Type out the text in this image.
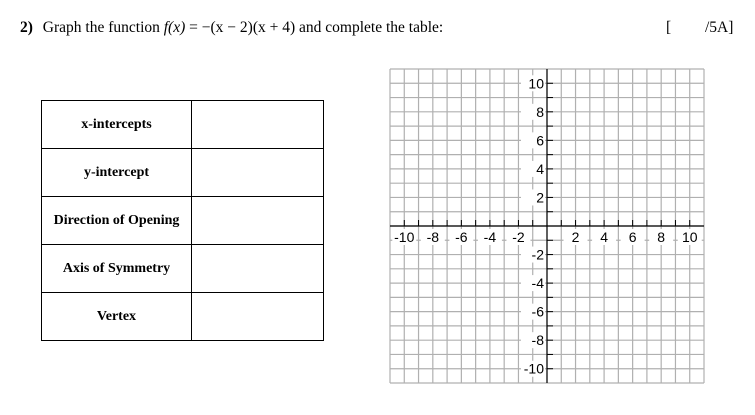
2) Graph the function f(x) = −(x − 2)(x + 4) and complete the table:	[ /5A]
x-intercepts	
y-intercept	
Direction of Opening	
Axis of Symmetry	
Vertex	
-10 -8 -6 -4 -2	2 4 6 8 10
10
8
6
4
2
-2
-4
-6
-8
-10
